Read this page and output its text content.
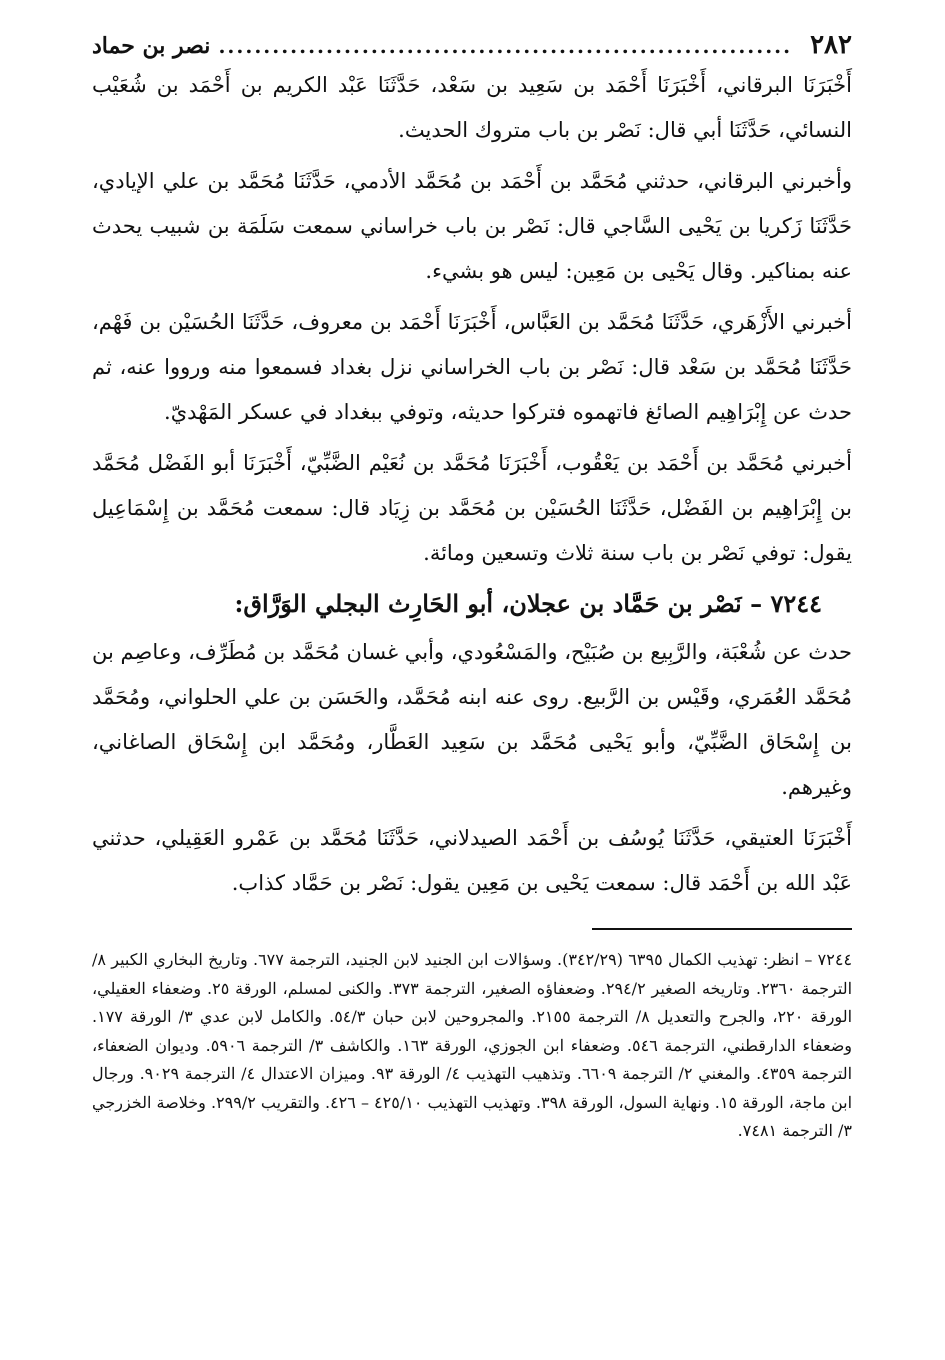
٢٨٢
.....
نصر بن حماد

أَخْبَرَنَا البرقاني، أَخْبَرَنَا أَحْمَد بن سَعِيد بن سَعْد، حَدَّثَنَا عَبْد الكريم بن أَحْمَد بن شُعَيْب النسائي، حَدَّثَنَا أبي قال: نَصْر بن باب متروك الحديث.

وأخبرني البرقاني، حدثني مُحَمَّد بن أَحْمَد بن مُحَمَّد الأدمي، حَدَّثَنَا مُحَمَّد بن علي الإيادي، حَدَّثَنَا زَكريا بن يَحْيى السَّاجي قال: نَصْر بن باب خراساني سمعت سَلَمَة بن شبيب يحدث عنه بمناكير. وقال يَحْيى بن مَعِين: ليس هو بشيء.

أخبرني الأَزْهَري، حَدَّثَنَا مُحَمَّد بن العَبَّاس، أَخْبَرَنَا أَحْمَد بن معروف، حَدَّثَنَا الحُسَيْن بن فَهْم، حَدَّثَنَا مُحَمَّد بن سَعْد قال: نَصْر بن باب الخراساني نزل بغداد فسمعوا منه ورووا عنه، ثم حدث عن إِبْرَاهِيم الصائغ فاتهموه فتركوا حديثه، وتوفي ببغداد في عسكر المَهْديّ.

أخبرني مُحَمَّد بن أَحْمَد بن يَعْقُوب، أَخْبَرَنَا مُحَمَّد بن نُعَيْم الضَّبِّيّ، أَخْبَرَنَا أبو الفَضْل مُحَمَّد بن إِبْرَاهِيم بن الفَضْل، حَدَّثَنَا الحُسَيْن بن مُحَمَّد بن زِيَاد قال: سمعت مُحَمَّد بن إِسْمَاعِيل يقول: توفي نَصْر بن باب سنة ثلاث وتسعين ومائة.

٧٢٤٤ – نَصْر بن حَمَّاد بن عجلان، أبو الحَارِث البجلي الوَرَّاق:

حدث عن شُعْبَة، والرَّبِيع بن صُبَيْح، والمَسْعُودي، وأبي غسان مُحَمَّد بن مُطَرِّف، وعاصِم بن مُحَمَّد العُمَري، وقَيْس بن الرَّبيع. روى عنه ابنه مُحَمَّد، والحَسَن بن علي الحلواني، ومُحَمَّد بن إِسْحَاق الضَّبِّيّ، وأبو يَحْيى مُحَمَّد بن سَعِيد العَطَّار، ومُحَمَّد ابن إِسْحَاق الصاغاني، وغيرهم.

أَخْبَرَنَا العتيقي، حَدَّثَنَا يُوسُف بن أَحْمَد الصيدلاني، حَدَّثَنَا مُحَمَّد بن عَمْرو العَقِيلي، حدثني عَبْد الله بن أَحْمَد قال: سمعت يَحْيى بن مَعِين يقول: نَصْر بن حَمَّاد كذاب.

٧٢٤٤ – انظر: تهذيب الكمال ٦٣٩٥ (٣٤٢/٢٩). وسؤالات ابن الجنيد لابن الجنيد، الترجمة ٦٧٧. وتاريخ البخاري الكبير ٨/ الترجمة ٢٣٦٠. وتاريخه الصغير ٢٩٤/٢. وضعفاؤه الصغير، الترجمة ٣٧٣. والكنى لمسلم، الورقة ٢٥. وضعفاء العقيلي، الورقة ٢٢٠، والجرح والتعديل ٨/ الترجمة ٢١٥٥. والمجروحين لابن حبان ٥٤/٣. والكامل لابن عدي ٣/ الورقة ١٧٧. وضعفاء الدارقطني، الترجمة ٥٤٦. وضعفاء ابن الجوزي، الورقة ١٦٣. والكاشف ٣/ الترجمة ٥٩٠٦. وديوان الضعفاء، الترجمة ٤٣٥٩. والمغني ٢/ الترجمة ٦٦٠٩. وتذهيب التهذيب ٤/ الورقة ٩٣. وميزان الاعتدال ٤/ الترجمة ٩٠٢٩. ورجال ابن ماجة، الورقة ١٥. ونهاية السول، الورقة ٣٩٨. وتهذيب التهذيب ٤٢٥/١٠ – ٤٢٦. والتقريب ٢٩٩/٢. وخلاصة الخزرجي ٣/ الترجمة ٧٤٨١.
